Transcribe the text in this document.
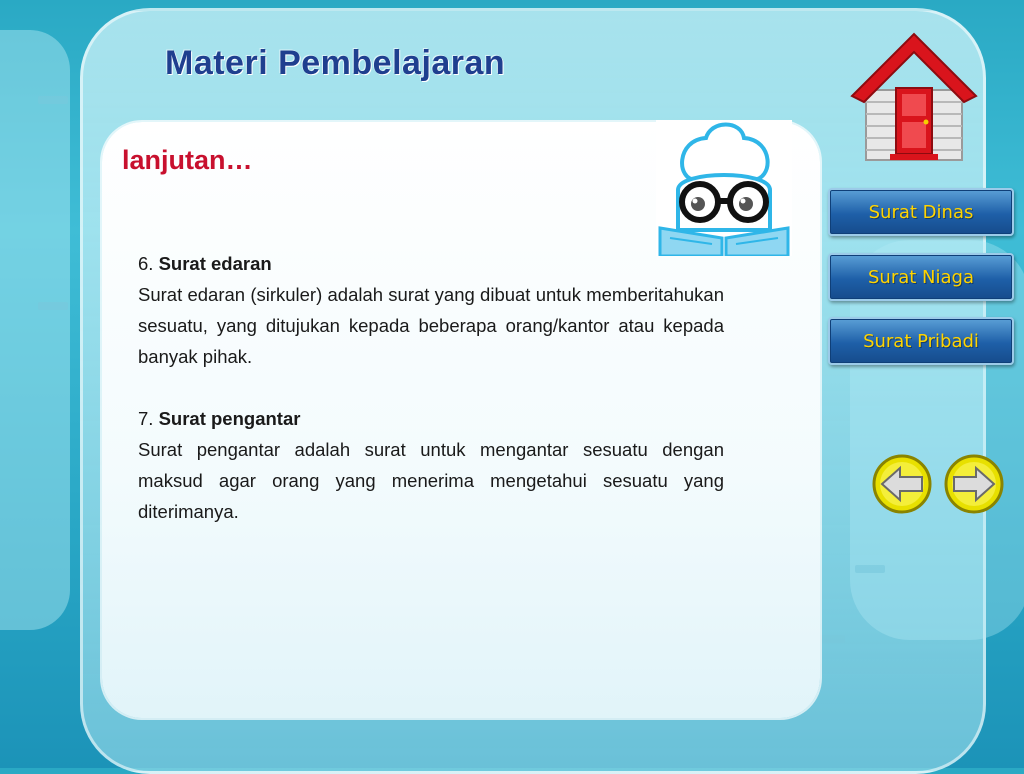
Materi Pembelajaran
lanjutan…
6. Surat edaran
Surat edaran (sirkuler) adalah surat yang dibuat untuk memberitahukan sesuatu, yang ditujukan kepada beberapa orang/kantor atau kepada banyak pihak.
7. Surat pengantar
Surat pengantar adalah surat untuk mengantar sesuatu dengan maksud agar orang yang menerima mengetahui sesuatu yang diterimanya.
Surat Dinas
Surat Niaga
Surat Pribadi
